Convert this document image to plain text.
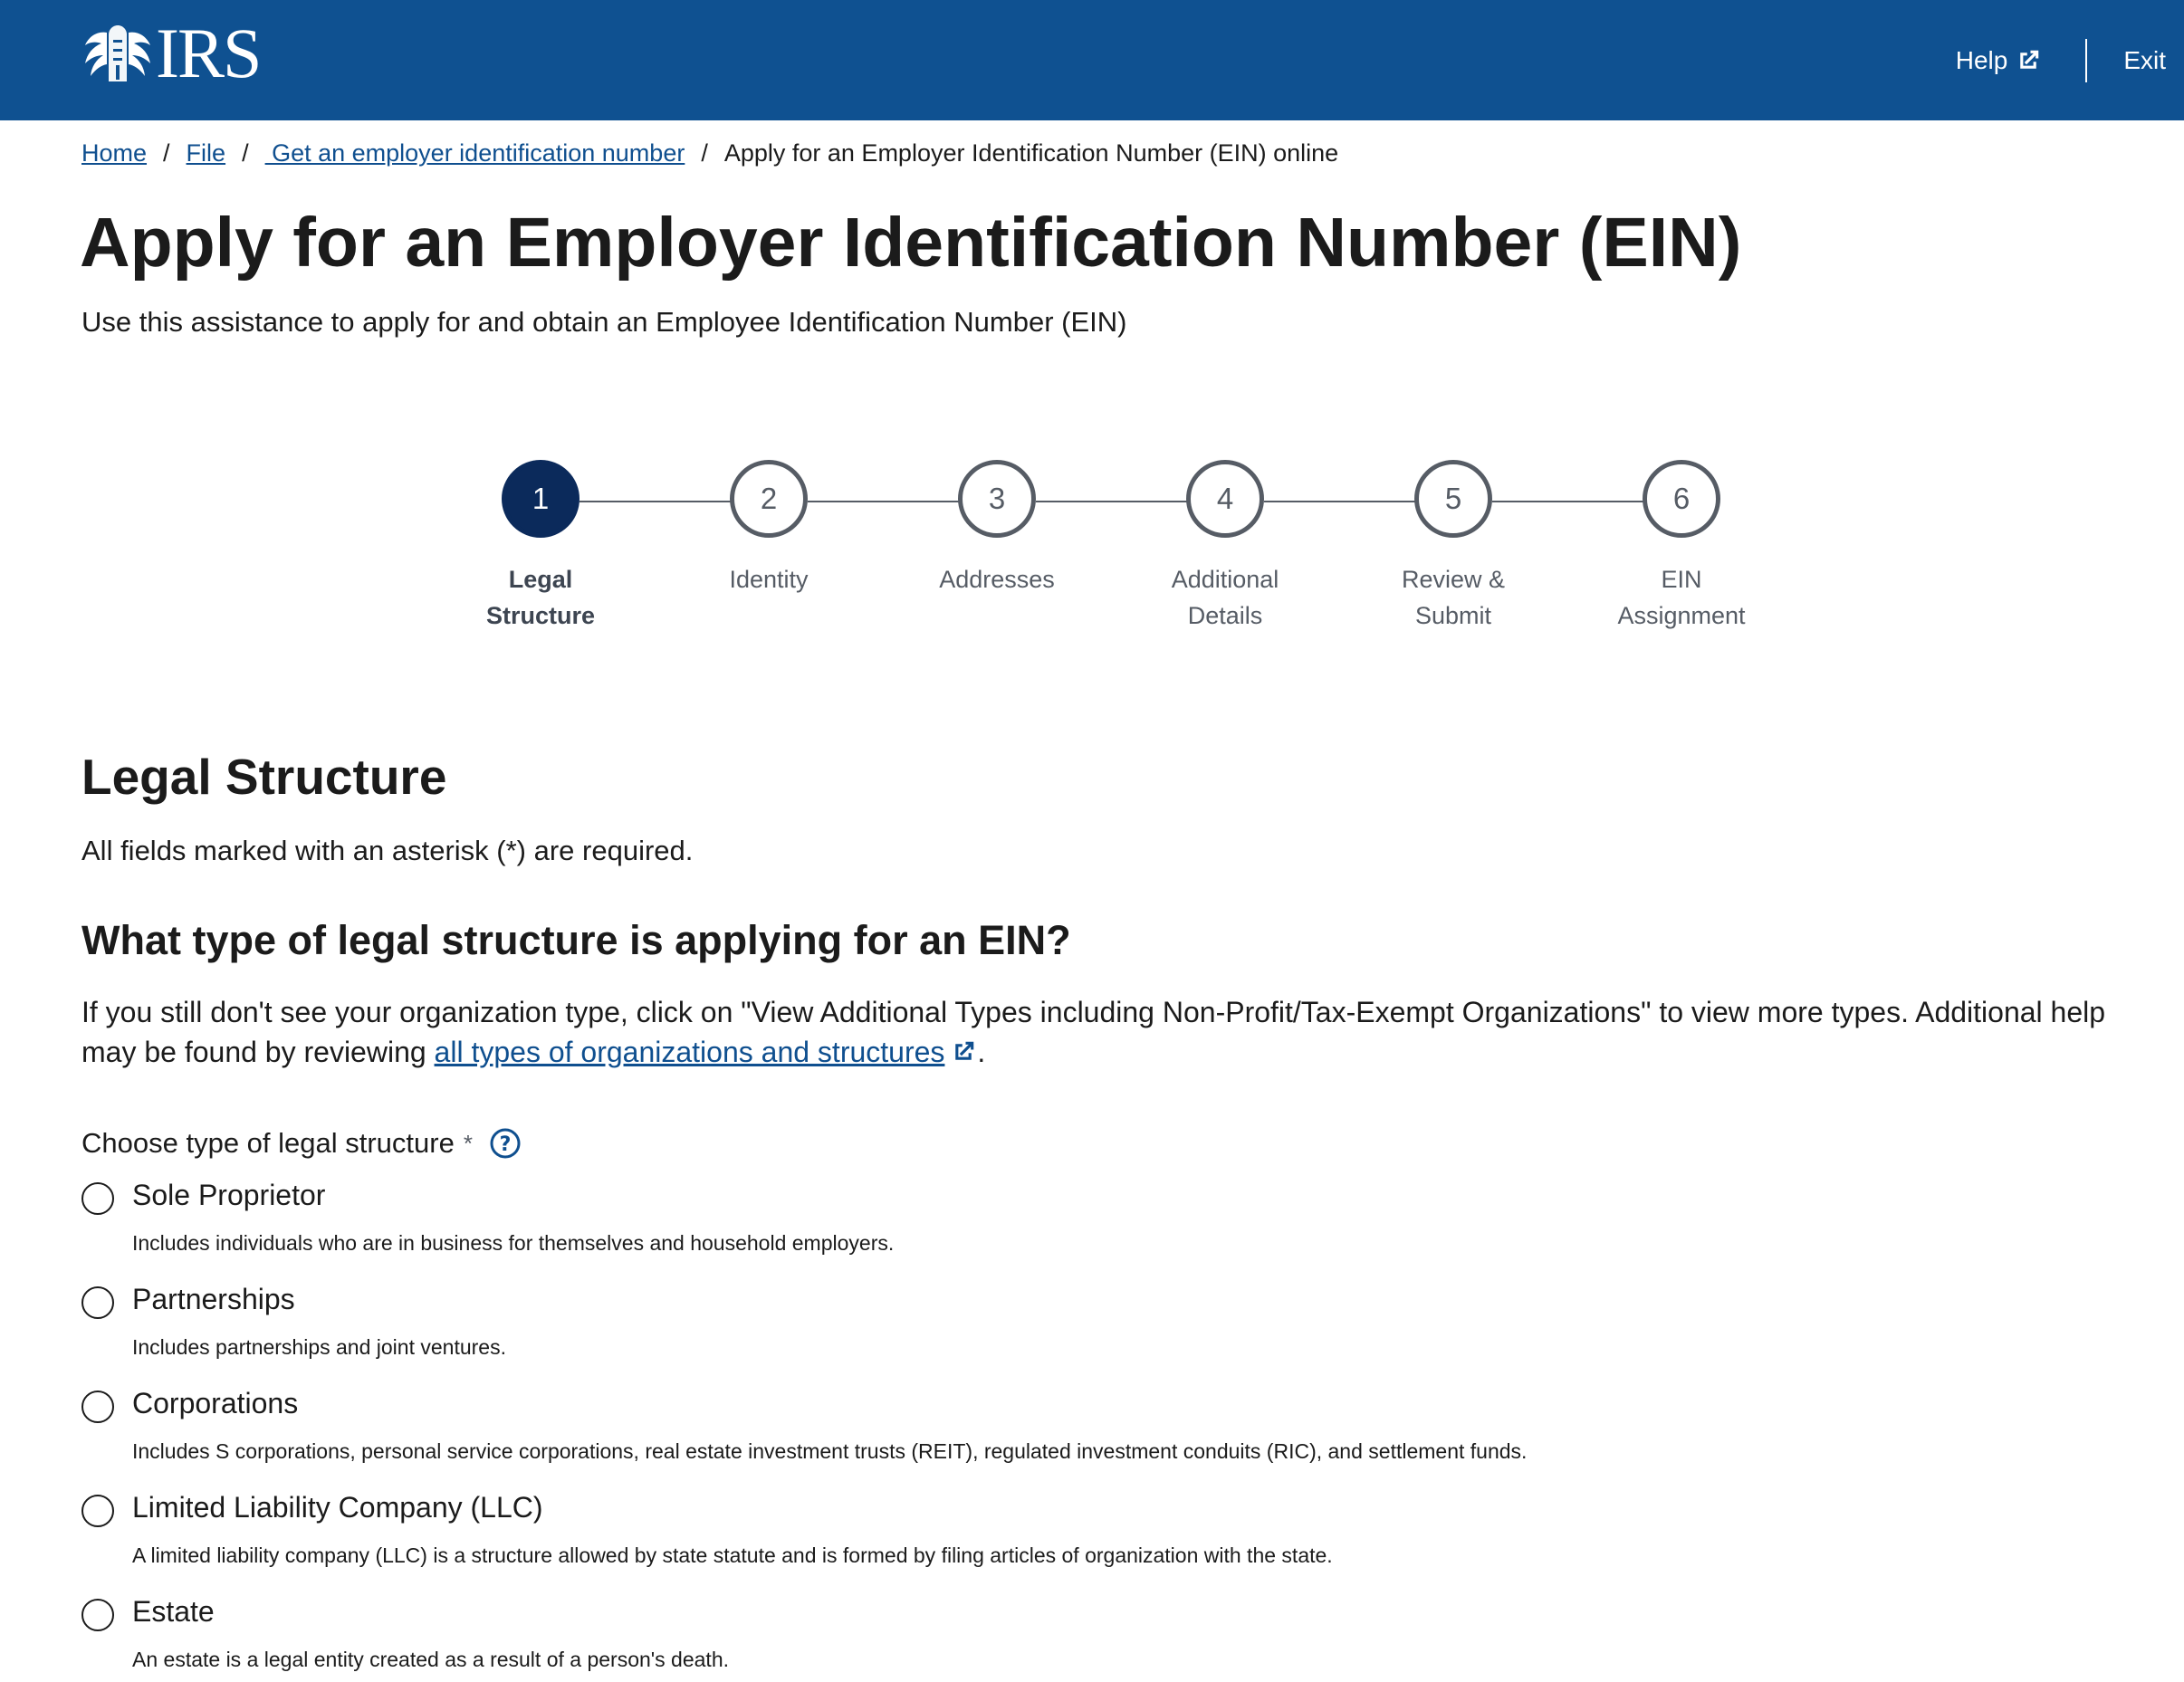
IRS	Help	Exit
Home / File / Get an employer identification number / Apply for an Employer Identification Number (EIN) online
Apply for an Employer Identification Number (EIN)
Use this assistance to apply for and obtain an Employee Identification Number (EIN)
1	2	3	4	5	6
Legal
Structure
Identity	Addresses	Additional
Details
Review &
Submit
EIN
Assignment
Legal Structure
All fields marked with an asterisk (*) are required.
What type of legal structure is applying for an EIN?
If you still don't see your organization type, click on "View Additional Types including Non-Profit/Tax-Exempt Organizations" to view more types. Additional help may be found by reviewing all types of organizations and structures .
Choose type of legal structure * ?
Sole Proprietor
Includes individuals who are in business for themselves and household employers.
Partnerships
Includes partnerships and joint ventures.
Corporations
Includes S corporations, personal service corporations, real estate investment trusts (REIT), regulated investment conduits (RIC), and settlement funds.
Limited Liability Company (LLC)
A limited liability company (LLC) is a structure allowed by state statute and is formed by filing articles of organization with the state.
Estate
An estate is a legal entity created as a result of a person's death.
